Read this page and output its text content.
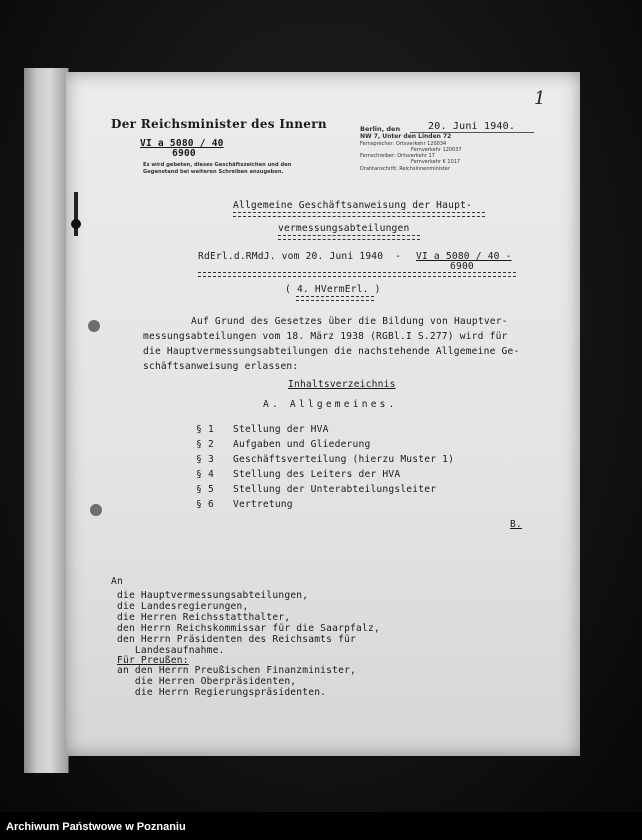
Der Reichsminister des Innern
VI a 5080 / 40
6900
Es wird gebeten, dieses Geschäftszeichen und den
Gegenstand bei weiteren Schreiben anzugeben.
Berlin, den	20. Juni 1940.
NW 7, Unter den Linden 72
Fernsprecher: Ortsverkehr 120034
Fernverkehr 120037
Fernschreiber: Ortsverkehr 17
Fernverkehr K 1017
Drahtanschrift: Reichsinnenminister
1
Allgemeine Geschäftsanweisung der Haupt-
vermessungsabteilungen
RdErl.d.RMdJ. vom 20. Juni 1940  - VI a 5080 / 40 -
6900
( 4. HVermErl. )
Auf Grund des Gesetzes über die Bildung von Hauptver-
messungsabteilungen vom 18. März 1938 (RGBl.I S.277) wird für
die Hauptvermessungsabteilungen die nachstehende Allgemeine Ge-
schäftsanweisung erlassen:
Inhaltsverzeichnis
A. Allgemeines.
§ 1 Stellung der HVA
§ 2 Aufgaben und Gliederung
§ 3 Geschäftsverteilung (hierzu Muster 1)
§ 4 Stellung des Leiters der HVA
§ 5 Stellung der Unterabteilungsleiter
§ 6 Vertretung
B.
An
die Hauptvermessungsabteilungen,
die Landesregierungen,
die Herren Reichsstatthalter,
den Herrn Reichskommissar für die Saarpfalz,
den Herrn Präsidenten des Reichsamts für
Landesaufnahme.
Für Preußen:
an den Herrn Preußischen Finanzminister,
die Herren Oberpräsidenten,
die Herrn Regierungspräsidenten.
Archiwum Państwowe w Poznaniu
